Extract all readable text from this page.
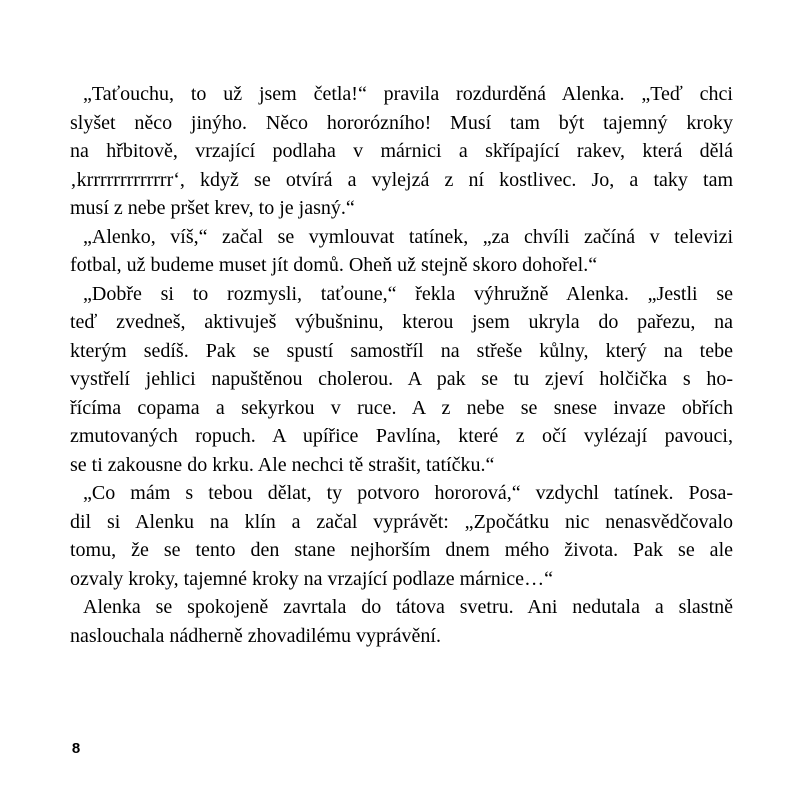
„Taťouchu, to už jsem četla!“ pravila rozdurděná Alenka. „Teď chci
slyšet něco jinýho. Něco hororózního! Musí tam být tajemný kroky
na hřbitově, vrzající podlaha v márnici a skřípající rakev, která dělá
‚krrrrrrrrrrrrr‘, když se otvírá a vylejzá z ní kostlivec. Jo, a taky tam
musí z nebe pršet krev, to je jasný.“
„Alenko, víš,“ začal se vymlouvat tatínek, „za chvíli začíná v televizi
fotbal, už budeme muset jít domů. Oheň už stejně skoro dohořel.“
„Dobře si to rozmysli, taťoune,“ řekla výhružně Alenka. „Jestli se
teď zvedneš, aktivuješ výbušninu, kterou jsem ukryla do pařezu, na
kterým sedíš. Pak se spustí samostříl na střeše kůlny, který na tebe
vystřelí jehlici napuštěnou cholerou. A pak se tu zjeví holčička s ho-
řícíma copama a sekyrkou v ruce. A z nebe se snese invaze obřích
zmutovaných ropuch. A upířice Pavlína, které z očí vylézají pavouci,
se ti zakousne do krku. Ale nechci tě strašit, tatíčku.“
„Co mám s tebou dělat, ty potvoro hororová,“ vzdychl tatínek. Posa-
dil si Alenku na klín a začal vyprávět: „Zpočátku nic nenasvědčovalo
tomu, že se tento den stane nejhorším dnem mého života. Pak se ale
ozvaly kroky, tajemné kroky na vrzající podlaze márnice…“
Alenka se spokojeně zavrtala do tátova svetru. Ani nedutala a slastně
naslouchala nádherně zhovadilému vyprávění.
8
